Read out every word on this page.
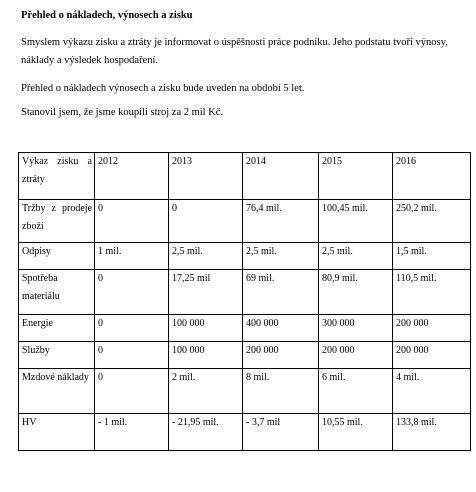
Přehled o nákladech, výnosech a zisku
Smyslem výkazu zisku a ztráty je informovat o úspěšnosti práce podniku. Jeho podstatu tvoří výnosy, náklady a výsledek hospodaření.
Přehled o nákladech výnosech a zisku bude uveden na období 5 let.
Stanovil jsem, že jsme koupili stroj za 2 mil Kč.
Výkaz zisku a ztráty	2012	2013	2014	2015	2016

Tržby z prodeje zboží	0	0	76,4 mil.	100,45 mil.	250,2 mil.

Odpisy	1 mil.	2,5 mil.	2,5 mil.	2,5 mil.	1,5 mil.

Spotřeba materiálu	0	17,25 mil	69 mil.	80,9 mil.	110,5 mil.

Energie	0	100 000	400 000	300 000	200 000

Služby	0	100 000	200 000	200 000	200 000

Mzdové náklady	0	2 mil.	8 mil.	6 mil.	4 mil.

HV	- 1 mil.	- 21,95 mil.	- 3,7 mil	10,55 mil.	133,8 mil.
